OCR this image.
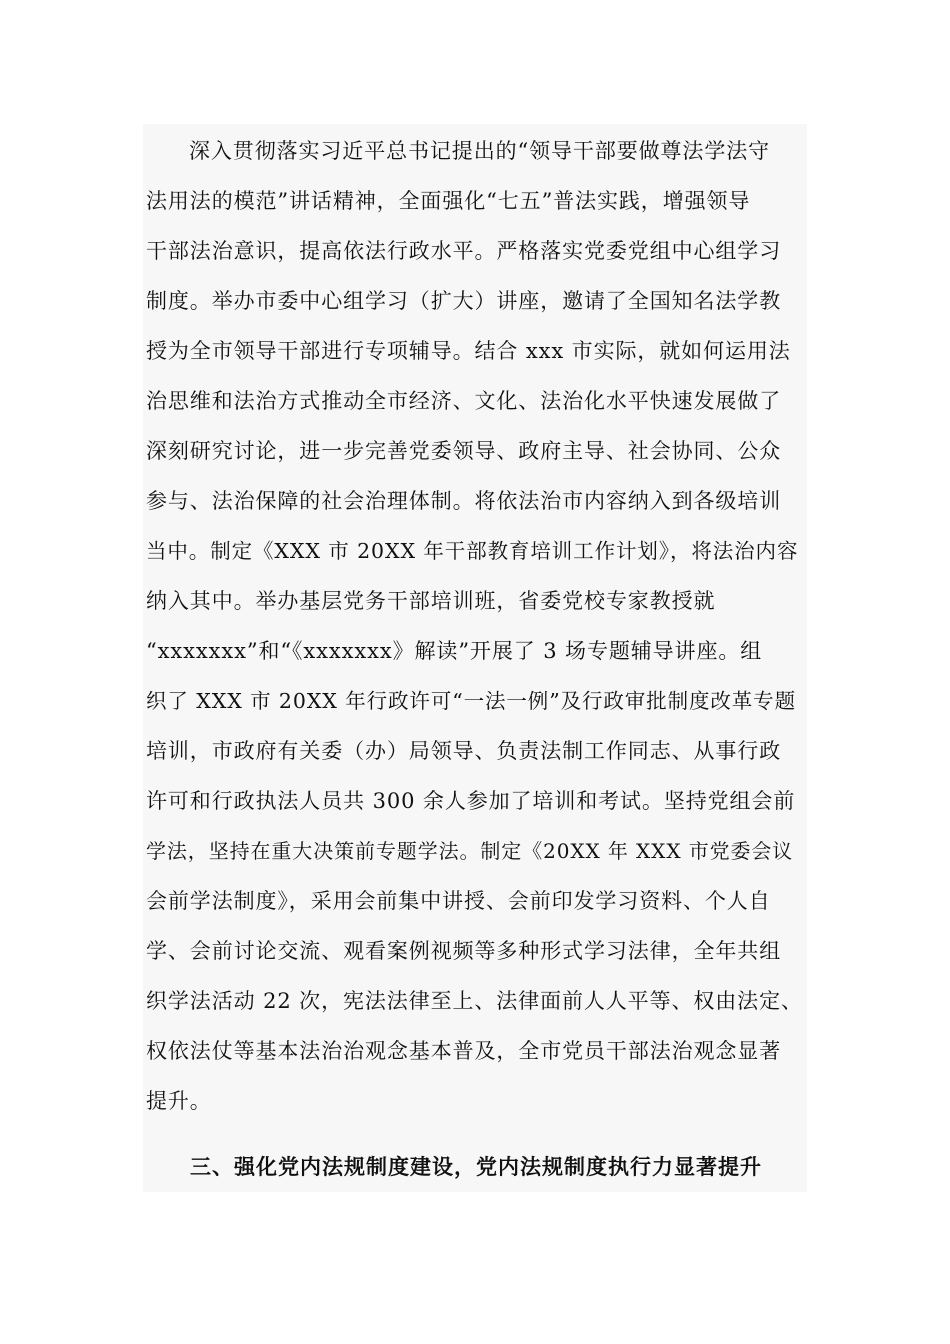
深入贯彻落实习近平总书记提出的“领导干部要做尊法学法守
法用法的模范”讲话精神，全面强化“七五”普法实践，增强领导
干部法治意识，提高依法行政水平。严格落实党委党组中心组学习
制度。举办市委中心组学习（扩大）讲座，邀请了全国知名法学教
授为全市领导干部进行专项辅导。结合 xxx 市实际，就如何运用法
治思维和法治方式推动全市经济、文化、法治化水平快速发展做了
深刻研究讨论，进一步完善党委领导、政府主导、社会协同、公众
参与、法治保障的社会治理体制。将依法治市内容纳入到各级培训
当中。制定《XXX 市 20XX 年干部教育培训工作计划》，将法治内容
纳入其中。举办基层党务干部培训班，省委党校专家教授就
“xxxxxxx”和“《xxxxxxx》解读”开展了 3 场专题辅导讲座。组
织了 XXX 市 20XX 年行政许可“一法一例”及行政审批制度改革专题
培训，市政府有关委（办）局领导、负责法制工作同志、从事行政
许可和行政执法人员共 300 余人参加了培训和考试。坚持党组会前
学法，坚持在重大决策前专题学法。制定《20XX 年 XXX 市党委会议
会前学法制度》，采用会前集中讲授、会前印发学习资料、个人自
学、会前讨论交流、观看案例视频等多种形式学习法律，全年共组
织学法活动 22 次，宪法法律至上、法律面前人人平等、权由法定、
权依法仗等基本法治治观念基本普及，全市党员干部法治观念显著
提升。
三、强化党内法规制度建设，党内法规制度执行力显著提升
